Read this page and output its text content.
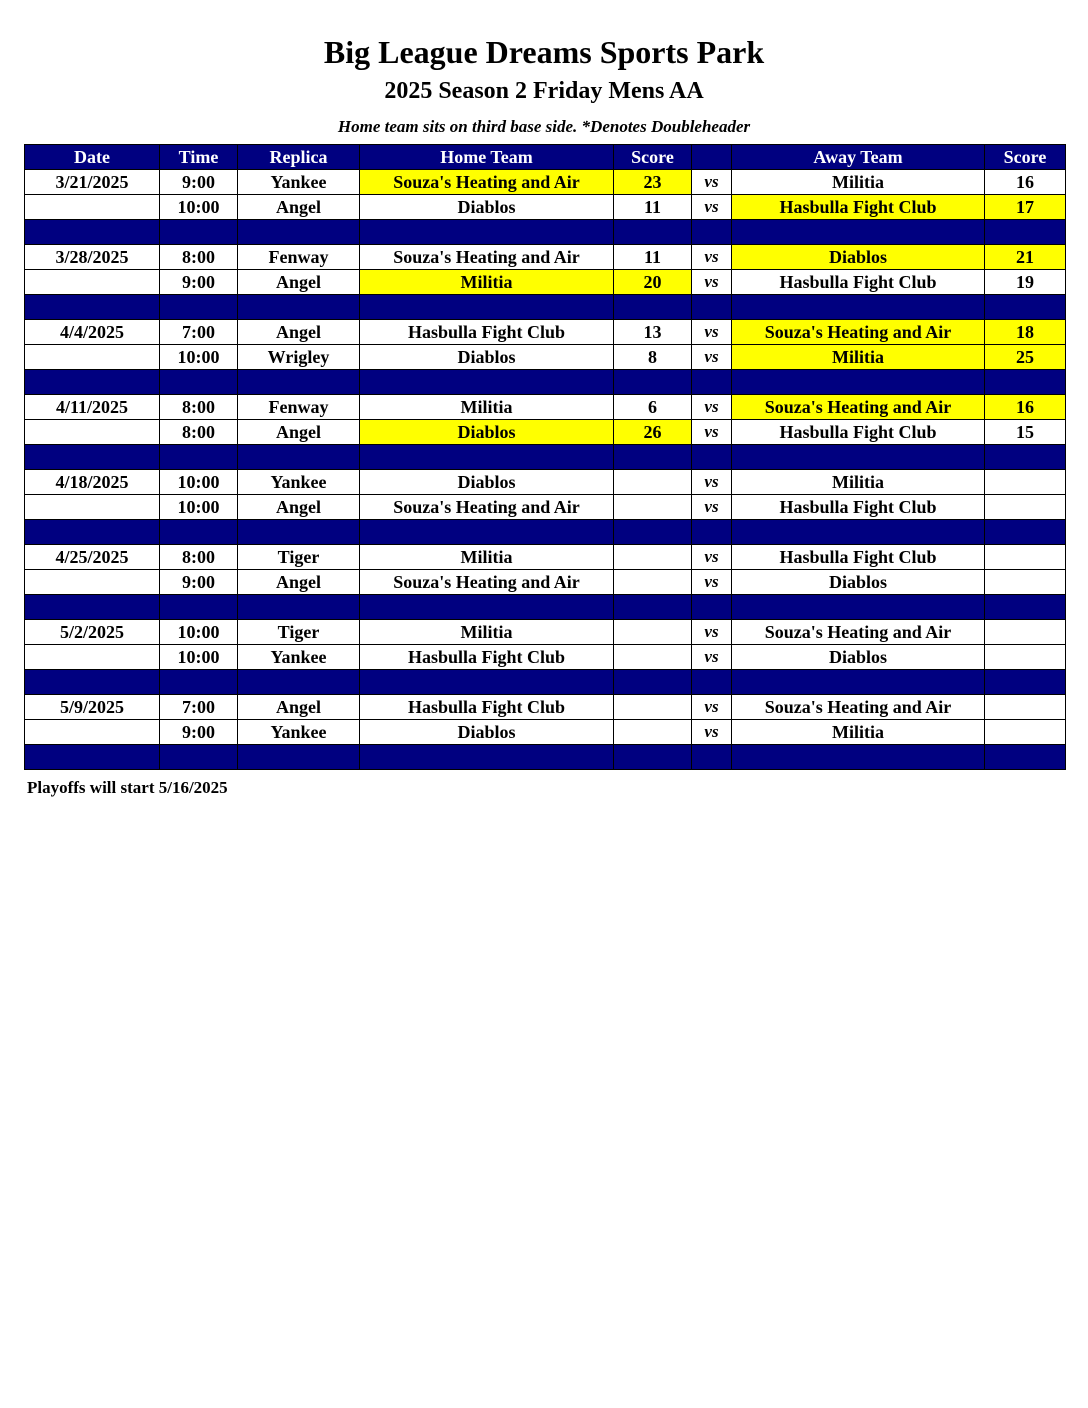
Big League Dreams Sports Park
2025 Season 2 Friday Mens AA
Home team sits on third base side. *Denotes Doubleheader
Date	Time	Replica	Home Team	Score		Away Team	Score
3/21/2025	9:00	Yankee	Souza's Heating and Air	23	vs	Militia	16
	10:00	Angel	Diablos	11	vs	Hasbulla Fight Club	17

3/28/2025	8:00	Fenway	Souza's Heating and Air	11	vs	Diablos	21
	9:00	Angel	Militia	20	vs	Hasbulla Fight Club	19

4/4/2025	7:00	Angel	Hasbulla Fight Club	13	vs	Souza's Heating and Air	18
	10:00	Wrigley	Diablos	8	vs	Militia	25

4/11/2025	8:00	Fenway	Militia	6	vs	Souza's Heating and Air	16
	8:00	Angel	Diablos	26	vs	Hasbulla Fight Club	15

4/18/2025	10:00	Yankee	Diablos		vs	Militia	
	10:00	Angel	Souza's Heating and Air		vs	Hasbulla Fight Club	

4/25/2025	8:00	Tiger	Militia		vs	Hasbulla Fight Club	
	9:00	Angel	Souza's Heating and Air		vs	Diablos	

5/2/2025	10:00	Tiger	Militia		vs	Souza's Heating and Air	
	10:00	Yankee	Hasbulla Fight Club		vs	Diablos	

5/9/2025	7:00	Angel	Hasbulla Fight Club		vs	Souza's Heating and Air	
	9:00	Yankee	Diablos		vs	Militia	

Playoffs will start 5/16/2025
